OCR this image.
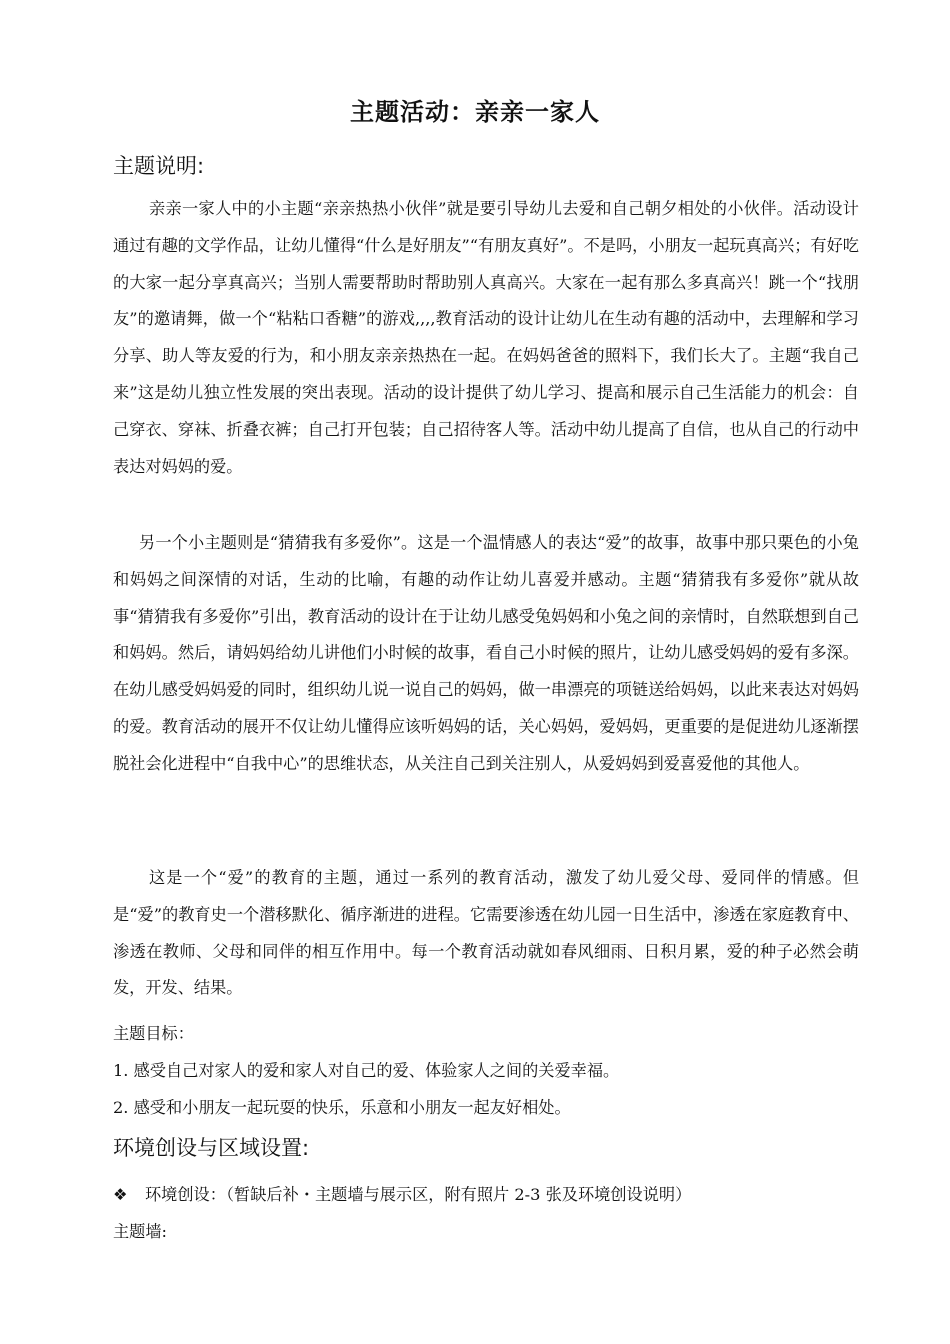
主题活动：亲亲一家人
主题说明:

亲亲一家人中的小主题“亲亲热热小伙伴”就是要引导幼儿去爱和自己朝夕相处的小伙伴。活动设计通过有趣的文学作品，让幼儿懂得“什么是好朋友”“有朋友真好”。不是吗，小朋友一起玩真高兴；有好吃的大家一起分享真高兴；当别人需要帮助时帮助别人真高兴。大家在一起有那么多真高兴！跳一个“找朋友”的邀请舞，做一个“粘粘口香糖”的游戏,,,,教育活动的设计让幼儿在生动有趣的活动中，去理解和学习分享、助人等友爱的行为，和小朋友亲亲热热在一起。在妈妈爸爸的照料下，我们长大了。主题“我自己来”这是幼儿独立性发展的突出表现。活动的设计提供了幼儿学习、提高和展示自己生活能力的机会：自己穿衣、穿袜、折叠衣裤；自己打开包装；自己招待客人等。活动中幼儿提高了自信，也从自己的行动中表达对妈妈的爱。

另一个小主题则是“猜猜我有多爱你”。这是一个温情感人的表达“爱”的故事，故事中那只栗色的小兔和妈妈之间深情的对话，生动的比喻，有趣的动作让幼儿喜爱并感动。主题“猜猜我有多爱你”就从故事“猜猜我有多爱你”引出，教育活动的设计在于让幼儿感受兔妈妈和小兔之间的亲情时，自然联想到自己和妈妈。然后，请妈妈给幼儿讲他们小时候的故事，看自己小时候的照片，让幼儿感受妈妈的爱有多深。在幼儿感受妈妈爱的同时，组织幼儿说一说自己的妈妈，做一串漂亮的项链送给妈妈，以此来表达对妈妈的爱。教育活动的展开不仅让幼儿懂得应该听妈妈的话，关心妈妈，爱妈妈，更重要的是促进幼儿逐渐摆脱社会化进程中“自我中心”的思维状态，从关注自己到关注别人，从爱妈妈到爱喜爱他的其他人。

这是一个“爱”的教育的主题，通过一系列的教育活动，激发了幼儿爱父母、爱同伴的情感。但是“爱”的教育史一个潜移默化、循序渐进的进程。它需要渗透在幼儿园一日生活中，渗透在家庭教育中、渗透在教师、父母和同伴的相互作用中。每一个教育活动就如春风细雨、日积月累，爱的种子必然会萌发，开发、结果。

主题目标：
1. 感受自己对家人的爱和家人对自己的爱、体验家人之间的关爱幸福。
2. 感受和小朋友一起玩耍的快乐，乐意和小朋友一起友好相处。
环境创设与区域设置:
❖ 环境创设：（暂缺后补・主题墙与展示区，附有照片 2-3 张及环境创设说明）
主题墙:
